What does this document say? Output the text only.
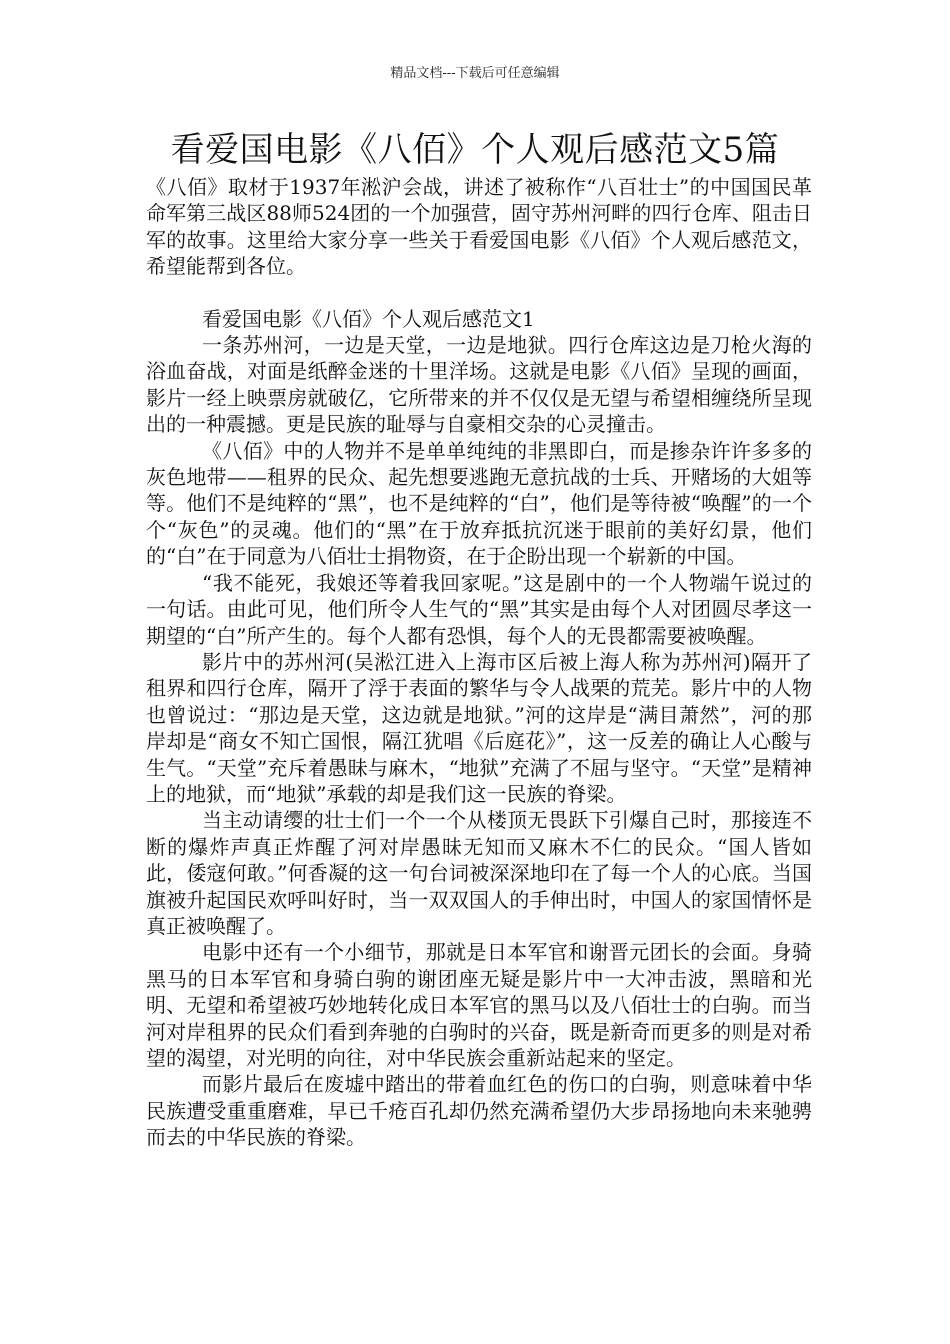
精品文档---下载后可任意编辑
看爱国电影《八佰》个人观后感范文5篇

《八佰》取材于1937年淞沪会战，讲述了被称作“八百壮士”的中国国民革命军第三战区88师524团的一个加强营，固守苏州河畔的四行仓库、阻击日军的故事。这里给大家分享一些关于看爱国电影《八佰》个人观后感范文，希望能帮到各位。

看爱国电影《八佰》个人观后感范文1

一条苏州河，一边是天堂，一边是地狱。四行仓库这边是刀枪火海的浴血奋战，对面是纸醉金迷的十里洋场。这就是电影《八佰》呈现的画面，影片一经上映票房就破亿，它所带来的并不仅仅是无望与希望相缠绕所呈现出的一种震撼。更是民族的耻辱与自豪相交杂的心灵撞击。

《八佰》中的人物并不是单单纯纯的非黑即白，而是掺杂许许多多的灰色地带——租界的民众、起先想要逃跑无意抗战的士兵、开赌场的大姐等等。他们不是纯粹的“黑”，也不是纯粹的“白”，他们是等待被“唤醒”的一个个“灰色”的灵魂。他们的“黑”在于放弃抵抗沉迷于眼前的美好幻景，他们的“白”在于同意为八佰壮士捐物资，在于企盼出现一个崭新的中国。

“我不能死，我娘还等着我回家呢。”这是剧中的一个人物端午说过的一句话。由此可见，他们所令人生气的“黑”其实是由每个人对团圆尽孝这一期望的“白”所产生的。每个人都有恐惧，每个人的无畏都需要被唤醒。

影片中的苏州河(吴淞江进入上海市区后被上海人称为苏州河)隔开了租界和四行仓库，隔开了浮于表面的繁华与令人战栗的荒芜。影片中的人物也曾说过：“那边是天堂，这边就是地狱。”河的这岸是“满目萧然”，河的那岸却是“商女不知亡国恨，隔江犹唱《后庭花》”，这一反差的确让人心酸与生气。“天堂”充斥着愚昧与麻木，“地狱”充满了不屈与坚守。“天堂”是精神上的地狱，而“地狱”承载的却是我们这一民族的脊梁。

当主动请缨的壮士们一个一个从楼顶无畏跃下引爆自己时，那接连不断的爆炸声真正炸醒了河对岸愚昧无知而又麻木不仁的民众。“国人皆如此，倭寇何敢。”何香凝的这一句台词被深深地印在了每一个人的心底。当国旗被升起国民欢呼叫好时，当一双双国人的手伸出时，中国人的家国情怀是真正被唤醒了。

电影中还有一个小细节，那就是日本军官和谢晋元团长的会面。身骑黑马的日本军官和身骑白驹的谢团座无疑是影片中一大冲击波，黑暗和光明、无望和希望被巧妙地转化成日本军官的黑马以及八佰壮士的白驹。而当河对岸租界的民众们看到奔驰的白驹时的兴奋，既是新奇而更多的则是对希望的渴望，对光明的向往，对中华民族会重新站起来的坚定。

而影片最后在废墟中踏出的带着血红色的伤口的白驹，则意味着中华民族遭受重重磨难，早已千疮百孔却仍然充满希望仍大步昂扬地向未来驰骋而去的中华民族的脊梁。
